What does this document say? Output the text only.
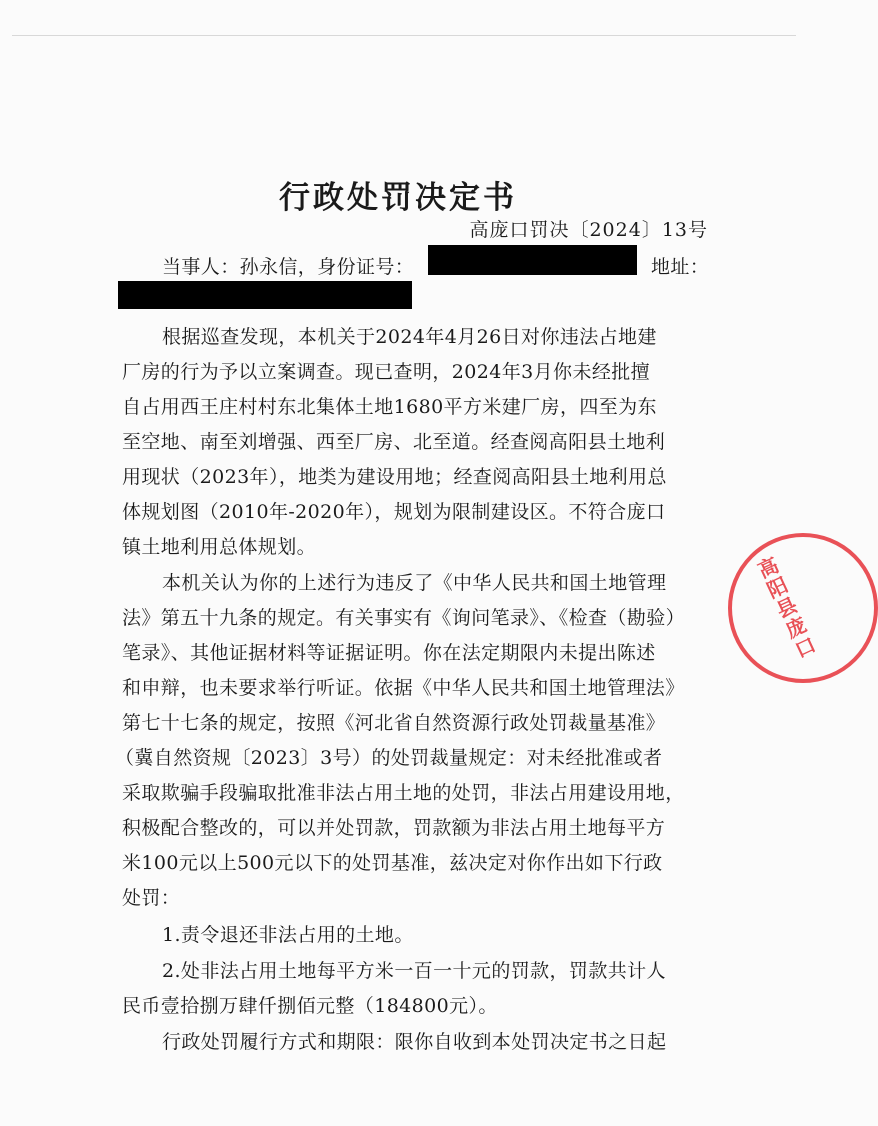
行政处罚决定书
高庞口罚决〔2024〕13号
当事人：孙永信，身份证号：	地址：
根据巡查发现，本机关于2024年4月26日对你违法占地建
厂房的行为予以立案调查。现已查明，2024年3月你未经批擅
自占用西王庄村村东北集体土地1680平方米建厂房，四至为东
至空地、南至刘增强、西至厂房、北至道。经查阅高阳县土地利
用现状（2023年），地类为建设用地；经查阅高阳县土地利用总
体规划图（2010年-2020年），规划为限制建设区。不符合庞口
镇土地利用总体规划。
本机关认为你的上述行为违反了《中华人民共和国土地管理
法》第五十九条的规定。有关事实有《询问笔录》、《检查（勘验）
笔录》、其他证据材料等证据证明。你在法定期限内未提出陈述
和申辩，也未要求举行听证。依据《中华人民共和国土地管理法》
第七十七条的规定，按照《河北省自然资源行政处罚裁量基准》
（冀自然资规〔2023〕3号）的处罚裁量规定：对未经批准或者
采取欺骗手段骗取批准非法占用土地的处罚，非法占用建设用地，
积极配合整改的，可以并处罚款，罚款额为非法占用土地每平方
米100元以上500元以下的处罚基准，兹决定对你作出如下行政
处罚：
1.责令退还非法占用的土地。
2.处非法占用土地每平方米一百一十元的罚款，罚款共计人
民币壹拾捌万肆仟捌佰元整（184800元）。
行政处罚履行方式和期限：限你自收到本处罚决定书之日起
高阳县庞口
